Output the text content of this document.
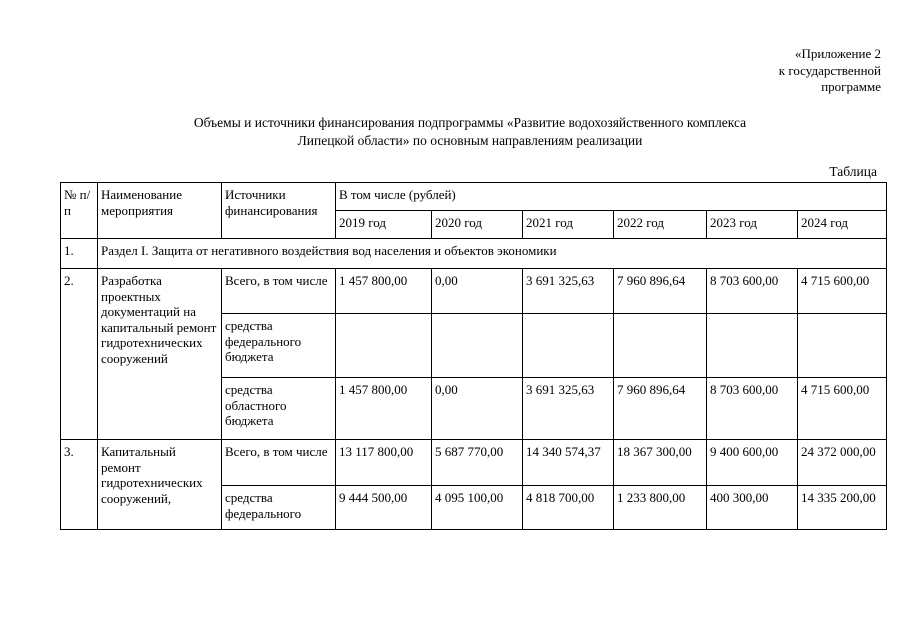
«Приложение 2
к государственной
программе
Объемы и источники финансирования подпрограммы «Развитие водохозяйственного комплекса
Липецкой области» по основным направлениям реализации
Таблица
№ п/п	Наименование мероприятия	Источники финансирования	В том числе (рублей)					
			2019 год	2020 год	2021 год	2022 год	2023 год	2024 год
1.	Раздел I. Защита от негативного воздействия вод населения и объектов экономики							
2.	Разработка проектных документаций на капитальный ремонт гидротехнических сооружений	Всего, в том числе	1 457 800,00	0,00	3 691 325,63	7 960 896,64	8 703 600,00	4 715 600,00
		средства федерального бюджета						
		средства областного бюджета	1 457 800,00	0,00	3 691 325,63	7 960 896,64	8 703 600,00	4 715 600,00
3.	Капитальный ремонт гидротехнических сооружений,	Всего, в том числе	13 117 800,00	5 687 770,00	14 340 574,37	18 367 300,00	9 400 600,00	24 372 000,00
		средства федерального	9 444 500,00	4 095 100,00	4 818 700,00	1 233 800,00	400 300,00	14 335 200,00
